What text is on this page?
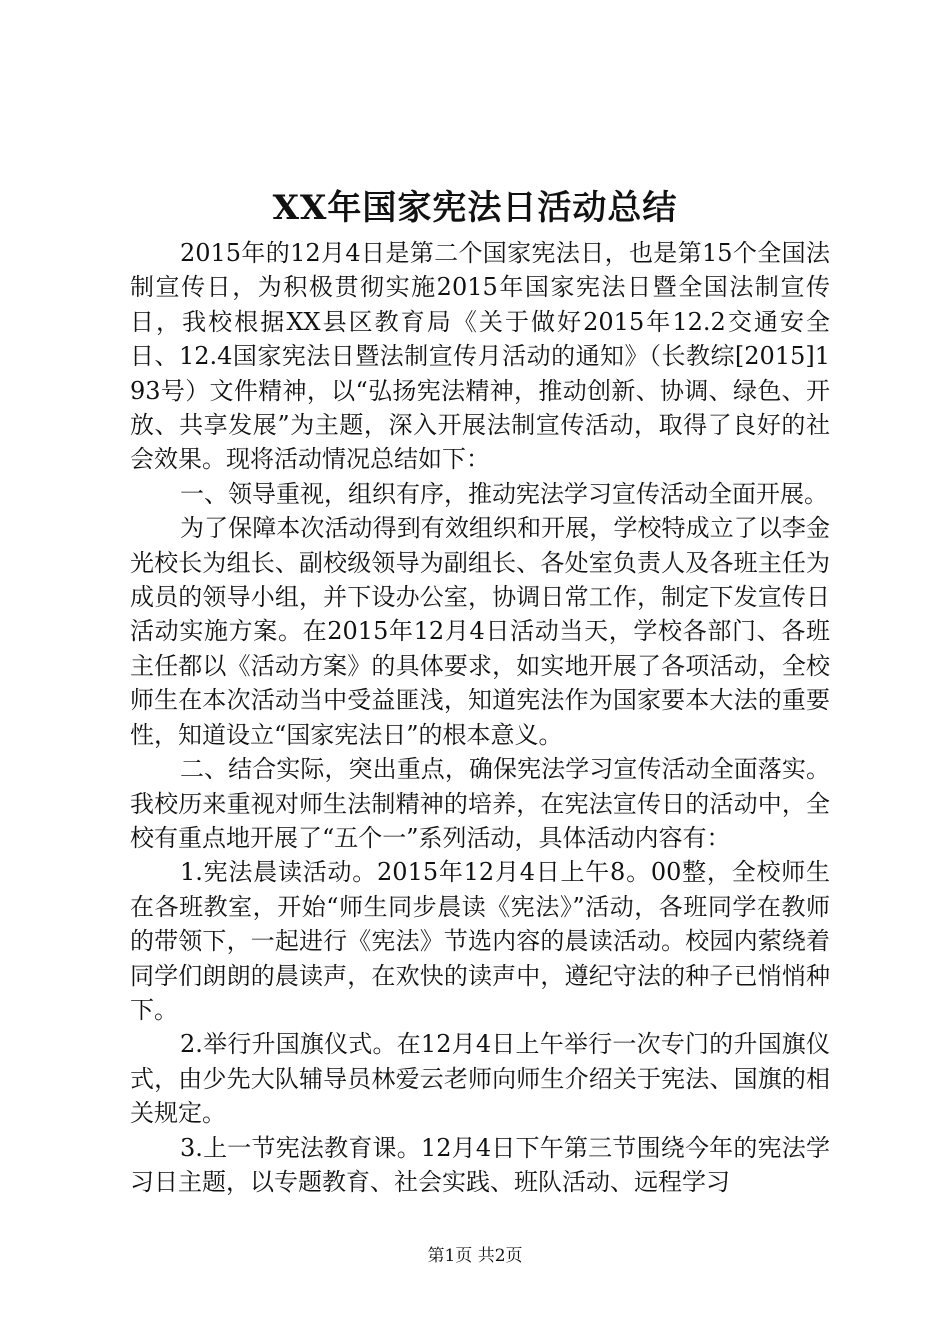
XX年国家宪法日活动总结

2015年的12月4日是第二个国家宪法日，也是第15个全国法制宣传日，为积极贯彻实施2015年国家宪法日暨全国法制宣传日，我校根据XX县区教育局《关于做好2015年12.2交通安全日、12.4国家宪法日暨法制宣传月活动的通知》（长教综[2015]193号）文件精神，以“弘扬宪法精神，推动创新、协调、绿色、开放、共享发展”为主题，深入开展法制宣传活动，取得了良好的社会效果。现将活动情况总结如下：

一、领导重视，组织有序，推动宪法学习宣传活动全面开展。

为了保障本次活动得到有效组织和开展，学校特成立了以李金光校长为组长、副校级领导为副组长、各处室负责人及各班主任为成员的领导小组，并下设办公室，协调日常工作，制定下发宣传日活动实施方案。在2015年12月4日活动当天，学校各部门、各班主任都以《活动方案》的具体要求，如实地开展了各项活动，全校师生在本次活动当中受益匪浅，知道宪法作为国家要本大法的重要性，知道设立“国家宪法日”的根本意义。

二、结合实际，突出重点，确保宪法学习宣传活动全面落实。我校历来重视对师生法制精神的培养，在宪法宣传日的活动中，全校有重点地开展了“五个一”系列活动，具体活动内容有：

1.宪法晨读活动。2015年12月4日上午8。00整，全校师生在各班教室，开始“师生同步晨读《宪法》”活动，各班同学在教师的带领下，一起进行《宪法》节选内容的晨读活动。校园内萦绕着同学们朗朗的晨读声，在欢快的读声中，遵纪守法的种子已悄悄种下。

2.举行升国旗仪式。在12月4日上午举行一次专门的升国旗仪式，由少先大队辅导员林爱云老师向师生介绍关于宪法、国旗的相关规定。

3.上一节宪法教育课。12月4日下午第三节围绕今年的宪法学习日主题，以专题教育、社会实践、班队活动、远程学习

第1页 共2页
